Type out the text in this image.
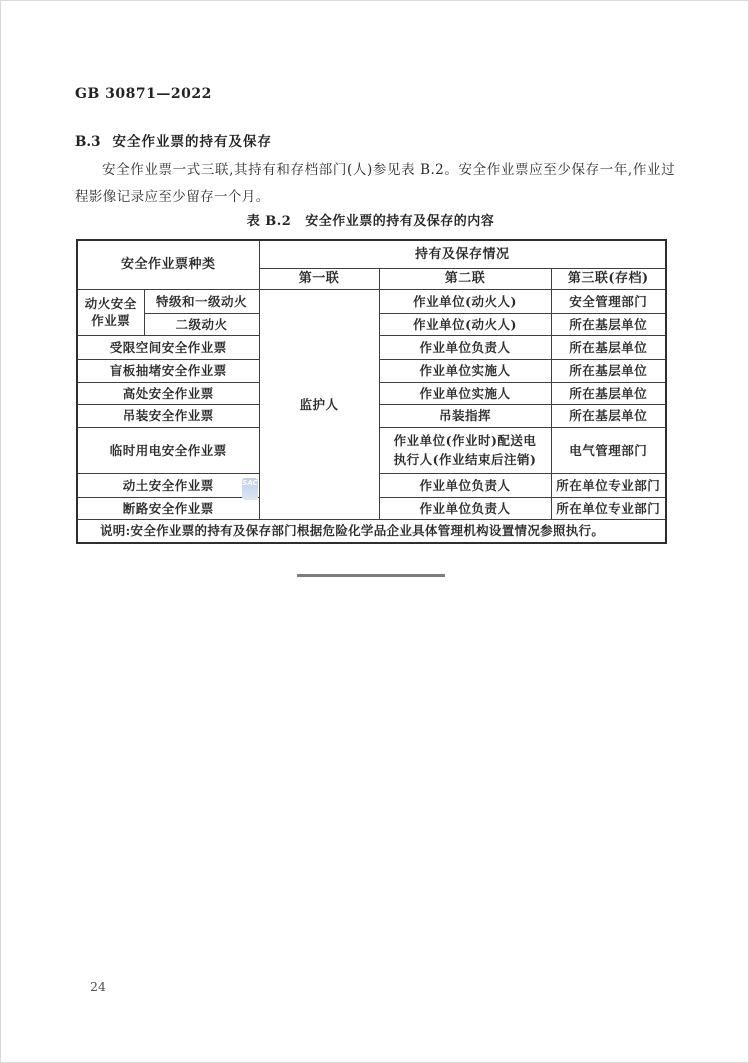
GB 30871—2022
B.3 安全作业票的持有及保存
安全作业票一式三联,其持有和存档部门(人)参见表 B.2。安全作业票应至少保存一年,作业过程影像记录应至少留存一个月。
表 B.2 安全作业票的持有及保存的内容
安全作业票种类		持有及保存情况		
		第一联	第二联	第三联(存档)
动火安全作业票	特级和一级动火	监护人	作业单位(动火人)	安全管理部门
	二级动火		作业单位(动火人)	所在基层单位
受限空间安全作业票			作业单位负责人	所在基层单位
盲板抽堵安全作业票			作业单位实施人	所在基层单位
高处安全作业票			作业单位实施人	所在基层单位
吊装安全作业票			吊装指挥	所在基层单位
临时用电安全作业票			作业单位(作业时)配送电
执行人(作业结束后注销)	电气管理部门
动土安全作业票			作业单位负责人	所在单位专业部门
断路安全作业票			作业单位负责人	所在单位专业部门
说明:安全作业票的持有及保存部门根据危险化学品企业具体管理机构设置情况参照执行。				
SAC
24
